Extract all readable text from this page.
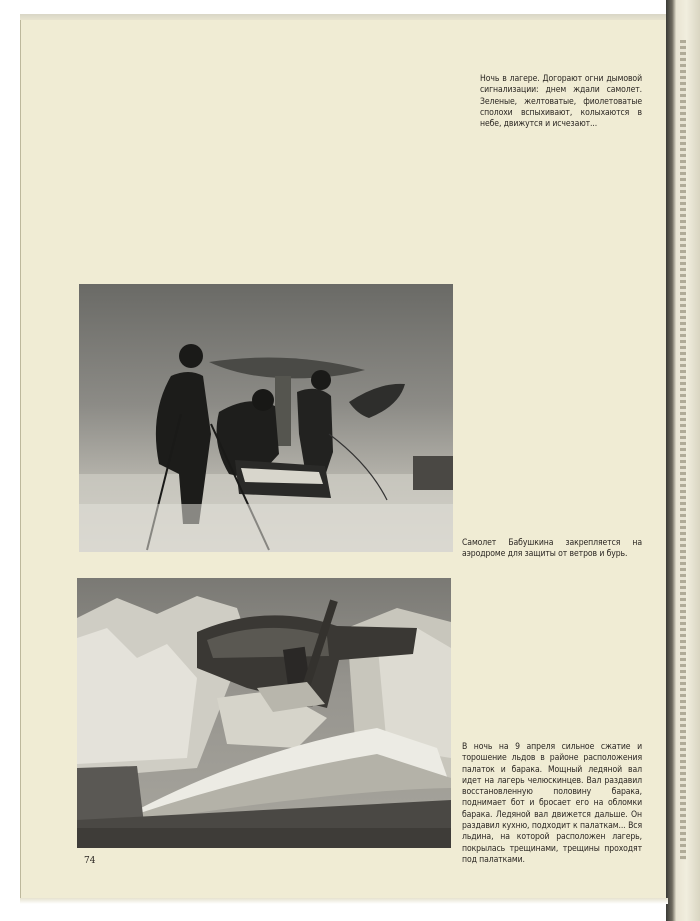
Ночь в лагере. Догорают огни дымовой сигнализации: днем ждали самолет. Зеленые, желтоватые, фиолетоватые сполохи вспыхивают, колыхаются в небе, движутся и исчезают...
Самолет Бабушкина закрепляется на аэродроме для защиты от ветров и бурь.
В ночь на 9 апреля сильное сжатие и торошение льдов в районе расположения палаток и барака. Мощный ледяной вал идет на лагерь челюскинцев. Вал раздавил восстановленную половину барака, поднимает бот и бросает его на обломки барака. Ледяной вал движется дальше. Он раздавил кухню, подходит к палаткам... Вся льдина, на которой расположен лагерь, покрылась трещинами, трещины проходят под палатками.
74
